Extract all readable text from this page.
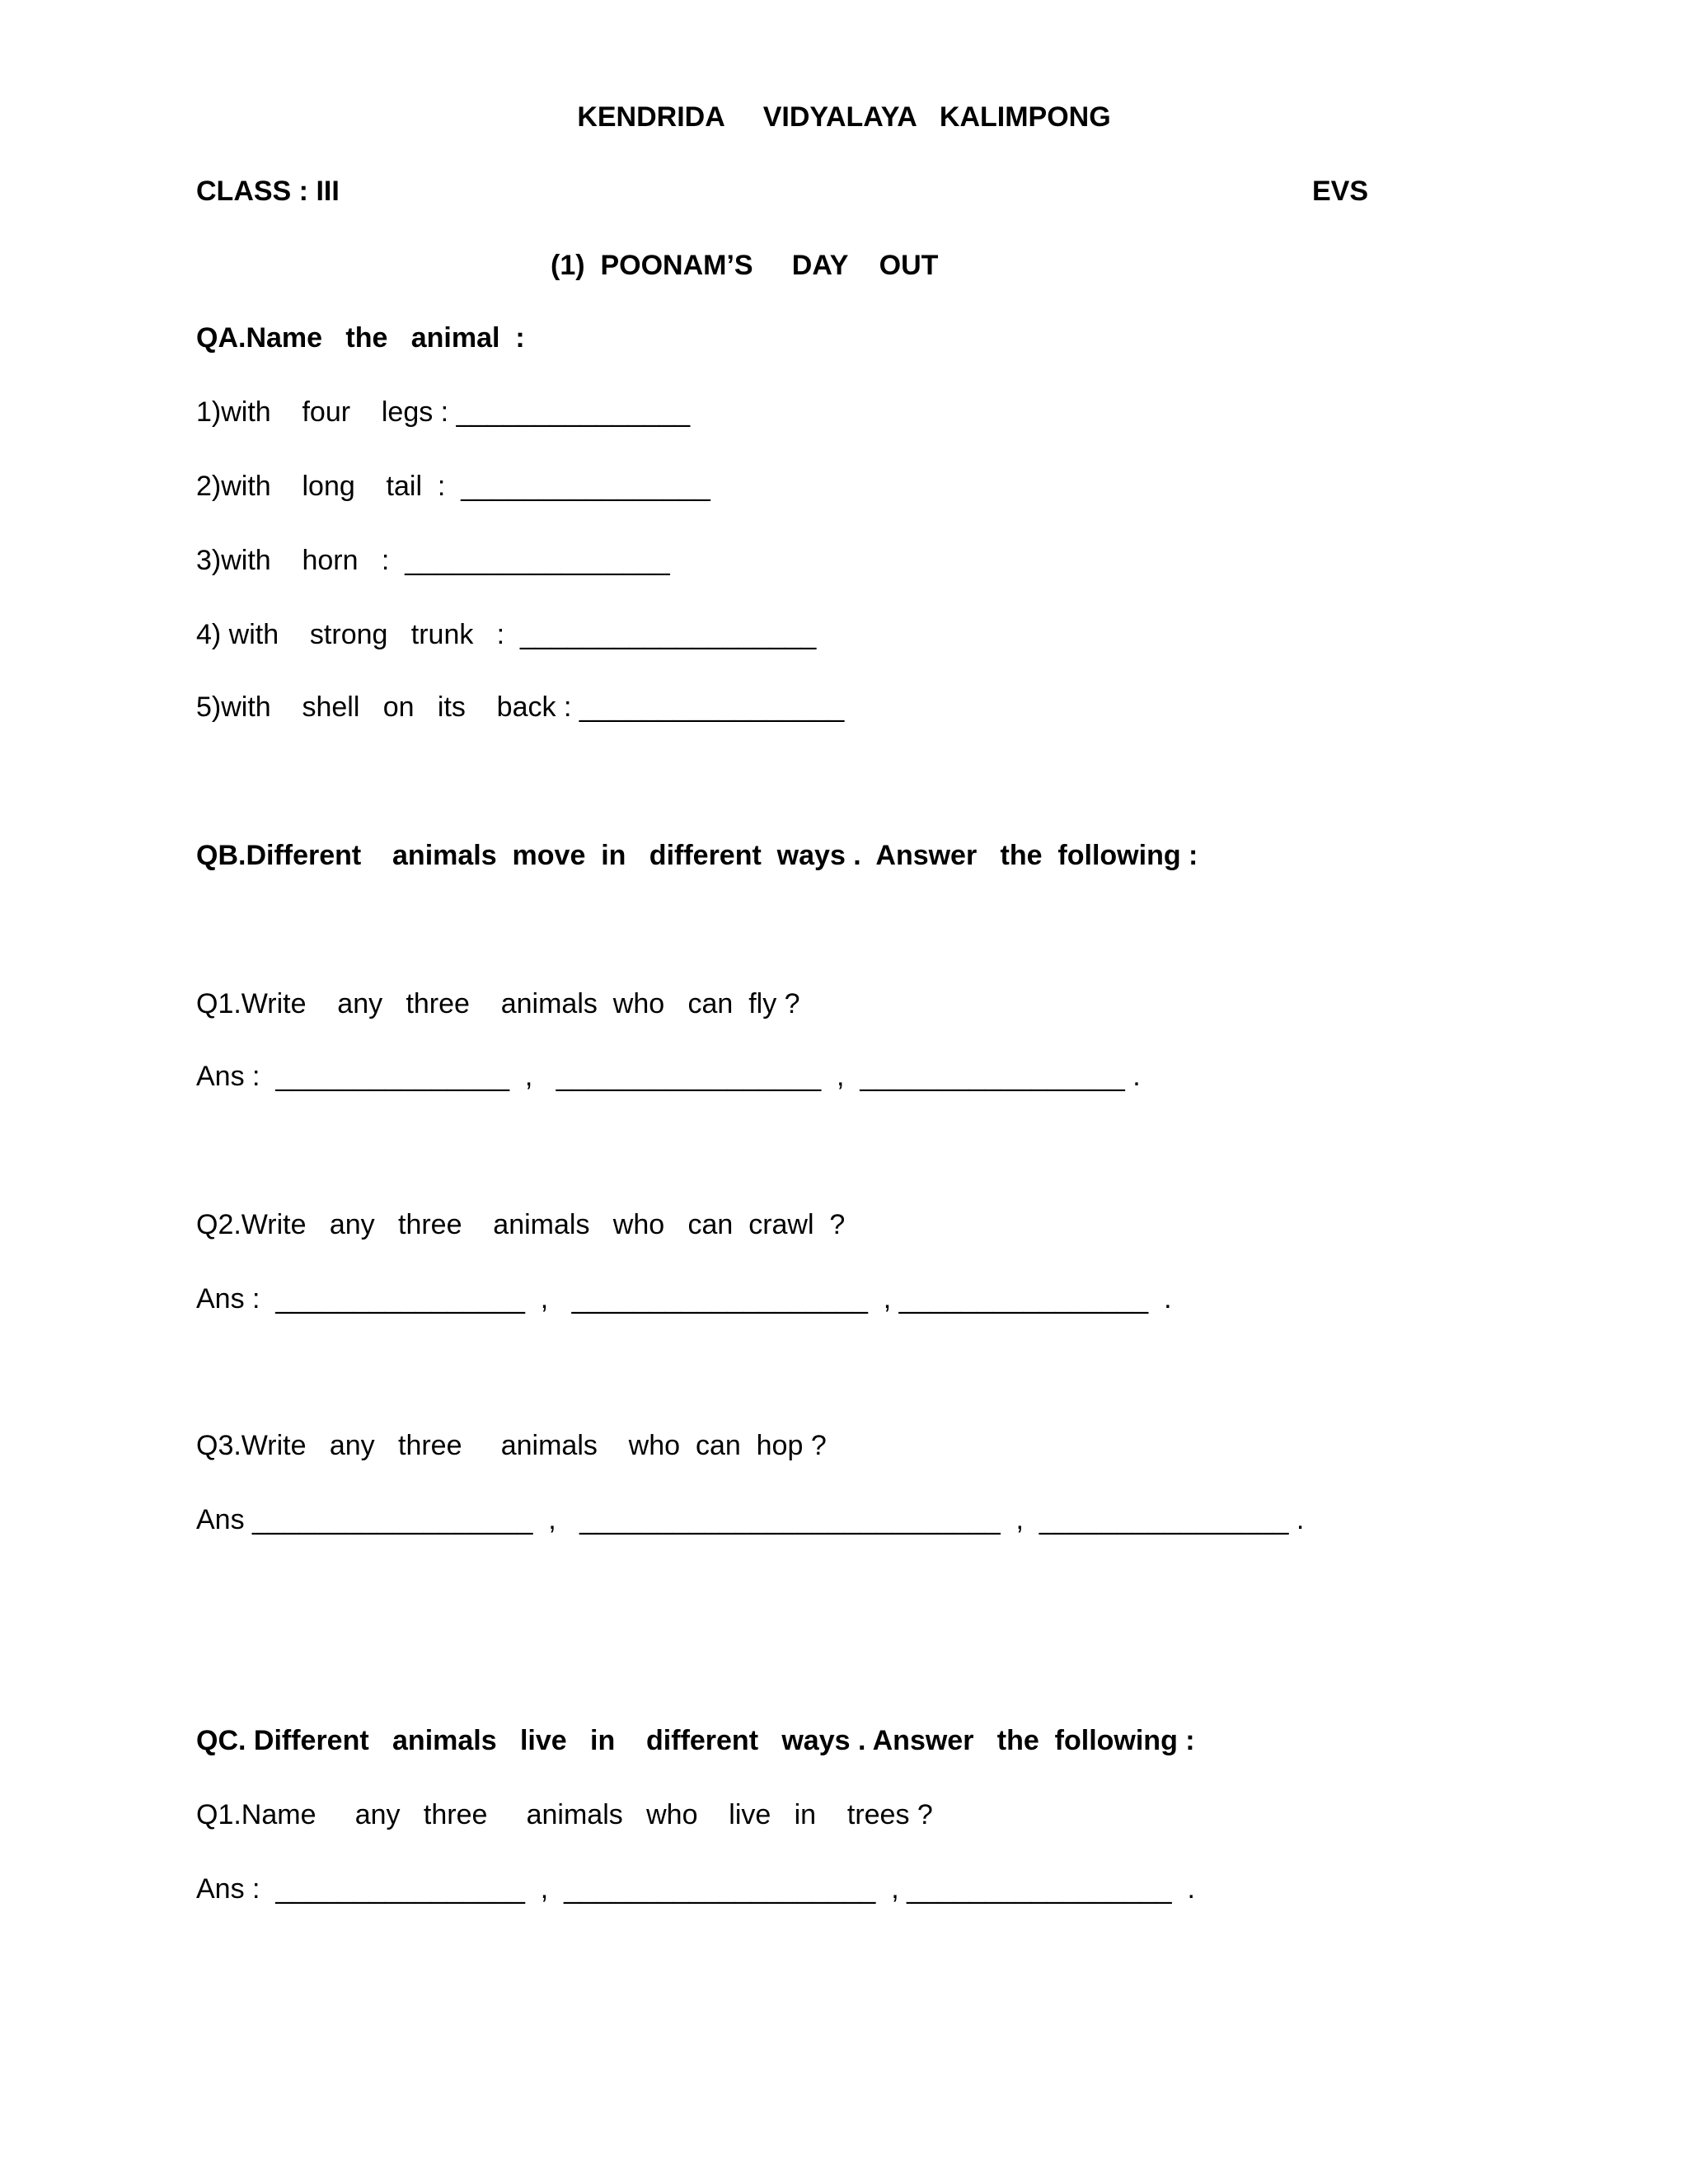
KENDRIDA     VIDYALAYA   KALIMPONG
CLASS : III	EVS
(1)  POONAM’S     DAY    OUT
QA.Name   the   animal  :
1)with    four    legs : _______________
2)with    long    tail  :  ________________
3)with    horn   :  _________________
4) with    strong   trunk   :  ___________________
5)with    shell   on   its    back : _________________
QB.Different    animals  move  in   different  ways .  Answer   the  following :
Q1.Write    any   three    animals  who   can  fly ?
Ans :  _______________  ,   _________________  ,  _________________ .
Q2.Write   any   three    animals   who   can  crawl  ?
Ans :  ________________  ,   ___________________  , ________________  .
Q3.Write   any   three     animals    who  can  hop ?
Ans __________________  ,   ___________________________  ,  ________________ .
QC. Different   animals   live   in    different   ways . Answer   the  following :
Q1.Name     any   three     animals   who    live   in    trees ?
Ans :  ________________  ,  ____________________  , _________________  .
